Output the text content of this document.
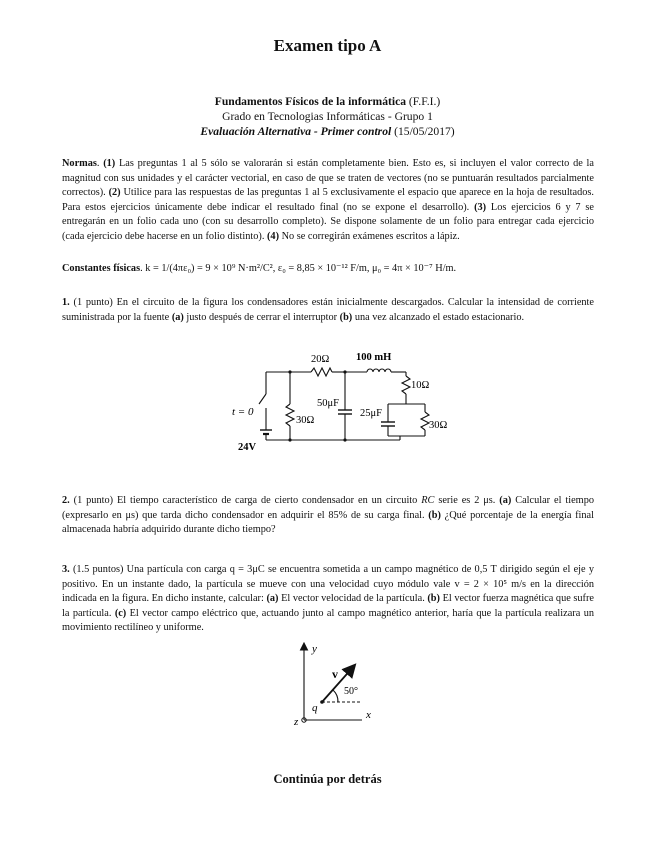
Examen tipo A
Fundamentos Físicos de la informática (F.F.I.)
Grado en Tecnologias Informáticas - Grupo 1
Evaluación Alternativa - Primer control (15/05/2017)
Normas. (1) Las preguntas 1 al 5 sólo se valorarán si están completamente bien. Esto es, si incluyen el valor correcto de la magnitud con sus unidades y el carácter vectorial, en caso de que se traten de vectores (no se puntuarán resultados parcialmente correctos). (2) Utilice para las respuestas de las preguntas 1 al 5 exclusivamente el espacio que aparece en la hoja de resultados. Para estos ejercicios únicamente debe indicar el resultado final (no se expone el desarrollo). (3) Los ejercicios 6 y 7 se entregarán en un folio cada uno (con su desarrollo completo). Se dispone solamente de un folio para entregar cada ejercicio (cada ejercicio debe hacerse en un folio distinto). (4) No se corregirán exámenes escritos a lápiz.
Constantes físicas. k = 1/(4πε₀) = 9 × 10⁹ N·m²/C², ε₀ = 8,85 × 10⁻¹² F/m, μ₀ = 4π × 10⁻⁷ H/m.
1. (1 punto) En el circuito de la figura los condensadores están inicialmente descargados. Calcular la intensidad de corriente suministrada por la fuente (a) justo después de cerrar el interruptor (b) una vez alcanzado el estado estacionario.
20Ω	100 mH
10Ω
50μF
25μF
30Ω
30Ω
t = 0
24V
2. (1 punto) El tiempo característico de carga de cierto condensador en un circuito RC serie es 2 μs. (a) Calcular el tiempo (expresarlo en μs) que tarda dicho condensador en adquirir el 85% de su carga final. (b) ¿Qué porcentaje de la energía final almacenada habría adquirido durante dicho tiempo?
3. (1.5 puntos) Una partícula con carga q = 3μC se encuentra sometida a un campo magnético de 0,5 T dirigido según el eje y positivo. En un instante dado, la partícula se mueve con una velocidad cuyo módulo vale v = 2 × 10⁵ m/s en la dirección indicada en la figura. En dicho instante, calcular: (a) El vector velocidad de la partícula. (b) El vector fuerza magnética que sufre la partícula. (c) El vector campo eléctrico que, actuando junto al campo magnético anterior, haría que la partícula realizara un movimiento rectilíneo y uniforme.
y
x
z
v
q
50°
Continúa por detrás
